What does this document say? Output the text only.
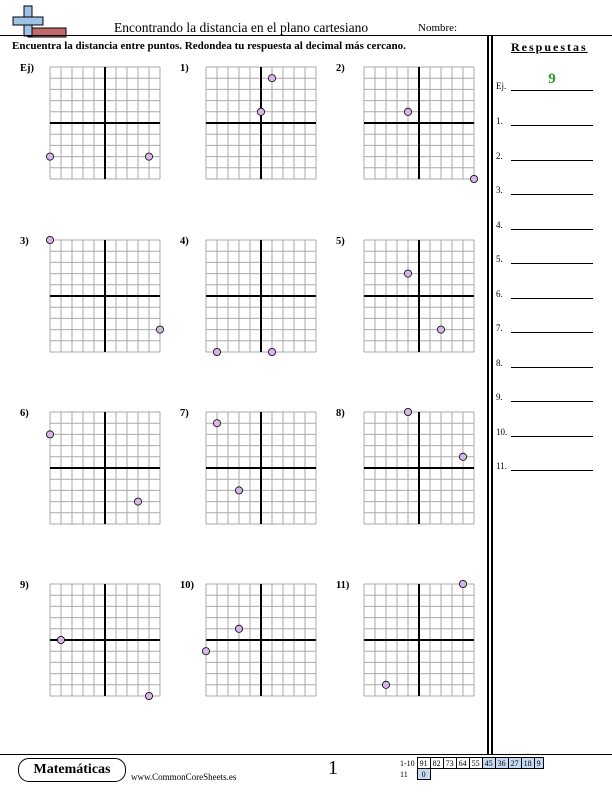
Encontrando la distancia en el plano cartesiano	Nombre:
Encuentra la distancia entre puntos. Redondea tu respuesta al decimal más cercano.	Respuestas
Ej.	9
1.
2.
3.
4.
5.
6.
7.
8.
9.
10.
11.
Ej)	1)	2)
3)	4)	5)
6)	7)	8)
9)	10)	11)
Matemáticas	www.CommonCoreSheets.es	1	1-10	91	82	73	64	55	45	36	27	18	9
11	0									
